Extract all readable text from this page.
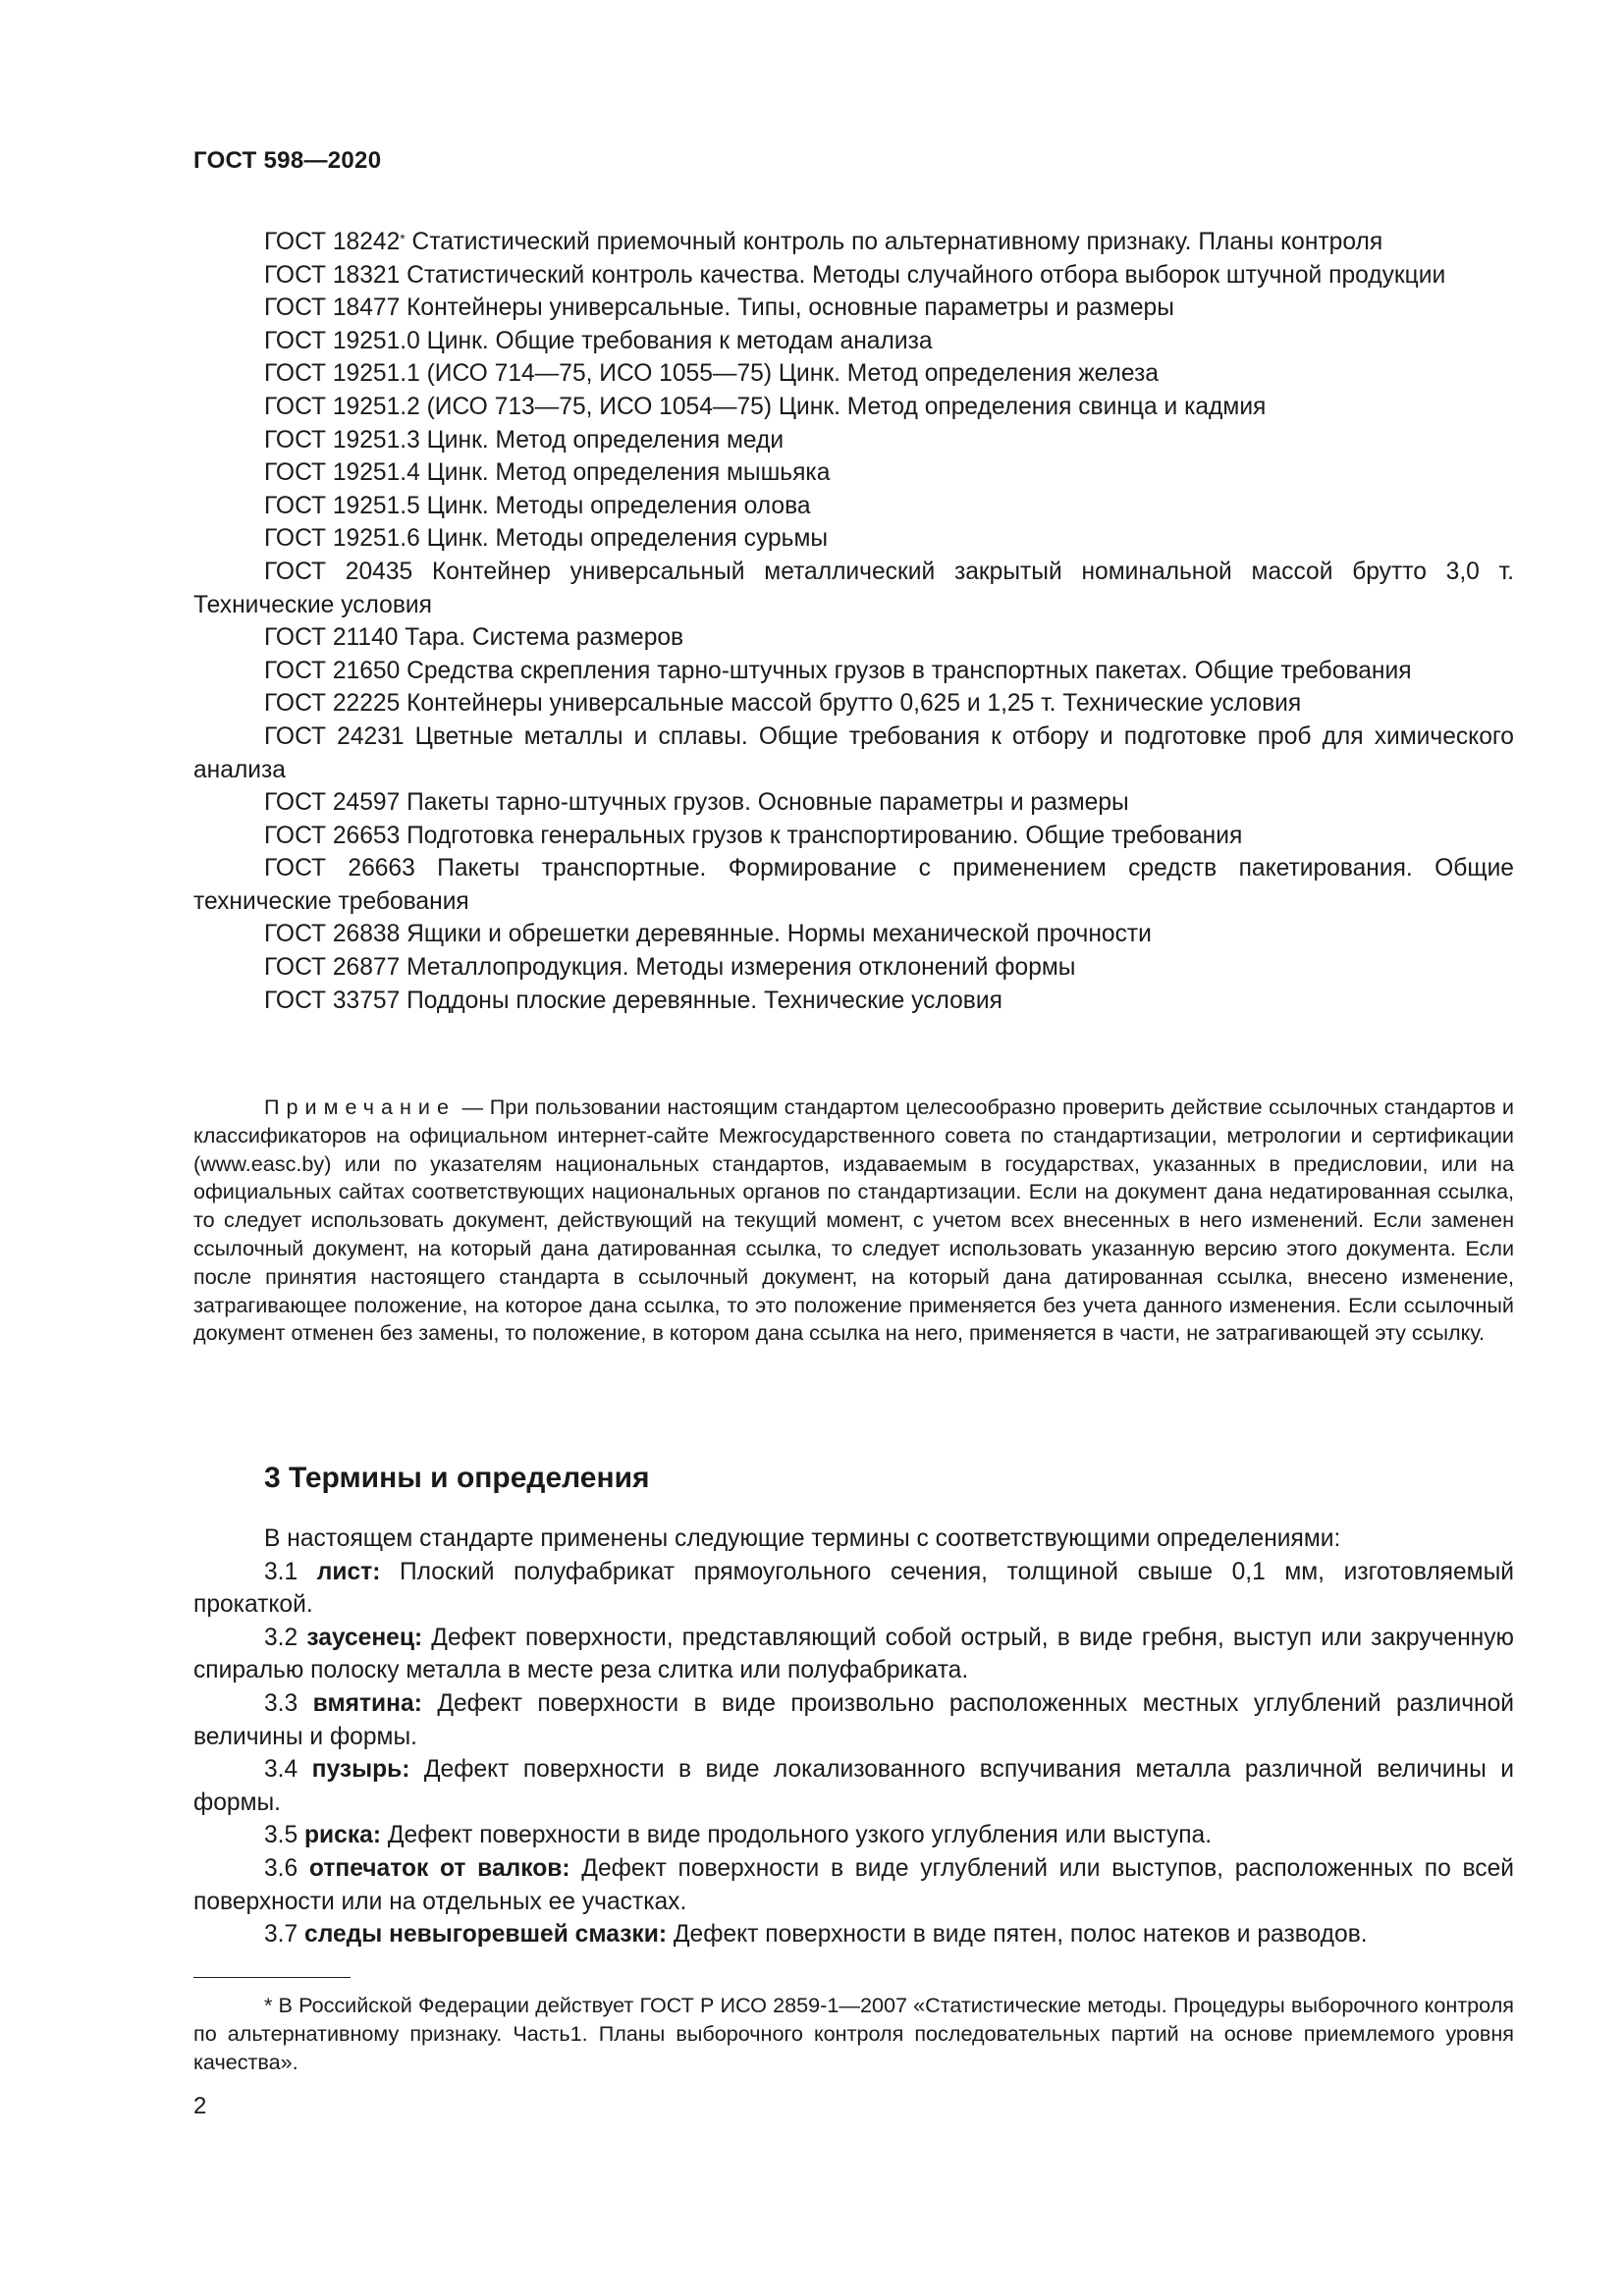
ГОСТ 598—2020

ГОСТ 18242* Статистический приемочный контроль по альтернативному признаку. Планы контроля

ГОСТ 18321 Статистический контроль качества. Методы случайного отбора выборок штучной продукции

ГОСТ 18477 Контейнеры универсальные. Типы, основные параметры и размеры

ГОСТ 19251.0 Цинк. Общие требования к методам анализа

ГОСТ 19251.1 (ИСО 714—75, ИСО 1055—75) Цинк. Метод определения железа

ГОСТ 19251.2 (ИСО 713—75, ИСО 1054—75) Цинк. Метод определения свинца и кадмия

ГОСТ 19251.3 Цинк. Метод определения меди

ГОСТ 19251.4 Цинк. Метод определения мышьяка

ГОСТ 19251.5 Цинк. Методы определения олова

ГОСТ 19251.6 Цинк. Методы определения сурьмы

ГОСТ 20435 Контейнер универсальный металлический закрытый номинальной массой брутто 3,0 т. Технические условия

ГОСТ 21140 Тара. Система размеров

ГОСТ 21650 Средства скрепления тарно-штучных грузов в транспортных пакетах. Общие требования

ГОСТ 22225 Контейнеры универсальные массой брутто 0,625 и 1,25 т. Технические условия

ГОСТ 24231 Цветные металлы и сплавы. Общие требования к отбору и подготовке проб для химического анализа

ГОСТ 24597 Пакеты тарно-штучных грузов. Основные параметры и размеры

ГОСТ 26653 Подготовка генеральных грузов к транспортированию. Общие требования

ГОСТ 26663 Пакеты транспортные. Формирование с применением средств пакетирования. Общие технические требования

ГОСТ 26838 Ящики и обрешетки деревянные. Нормы механической прочности

ГОСТ 26877 Металлопродукция. Методы измерения отклонений формы

ГОСТ 33757 Поддоны плоские деревянные. Технические условия

Примечание — При пользовании настоящим стандартом целесообразно проверить действие ссылочных стандартов и классификаторов на официальном интернет-сайте Межгосударственного совета по стандартизации, метрологии и сертификации (www.easc.by) или по указателям национальных стандартов, издаваемым в государствах, указанных в предисловии, или на официальных сайтах соответствующих национальных органов по стандартизации. Если на документ дана недатированная ссылка, то следует использовать документ, действующий на текущий момент, с учетом всех внесенных в него изменений. Если заменен ссылочный документ, на который дана датированная ссылка, то следует использовать указанную версию этого документа. Если после принятия настоящего стандарта в ссылочный документ, на который дана датированная ссылка, внесено изменение, затрагивающее положение, на которое дана ссылка, то это положение применяется без учета данного изменения. Если ссылочный документ отменен без замены, то положение, в котором дана ссылка на него, применяется в части, не затрагивающей эту ссылку.

3 Термины и определения

В настоящем стандарте применены следующие термины с соответствующими определениями:

3.1 лист: Плоский полуфабрикат прямоугольного сечения, толщиной свыше 0,1 мм, изготовляемый прокаткой.

3.2 заусенец: Дефект поверхности, представляющий собой острый, в виде гребня, выступ или закрученную спиралью полоску металла в месте реза слитка или полуфабриката.

3.3 вмятина: Дефект поверхности в виде произвольно расположенных местных углублений различной величины и формы.

3.4 пузырь: Дефект поверхности в виде локализованного вспучивания металла различной величины и формы.

3.5 риска: Дефект поверхности в виде продольного узкого углубления или выступа.

3.6 отпечаток от валков: Дефект поверхности в виде углублений или выступов, расположенных по всей поверхности или на отдельных ее участках.

3.7 следы невыгоревшей смазки: Дефект поверхности в виде пятен, полос натеков и разводов.

* В Российской Федерации действует ГОСТ Р ИСО 2859-1—2007 «Статистические методы. Процедуры выборочного контроля по альтернативному признаку. Часть1. Планы выборочного контроля последовательных партий на основе приемлемого уровня качества».

2
